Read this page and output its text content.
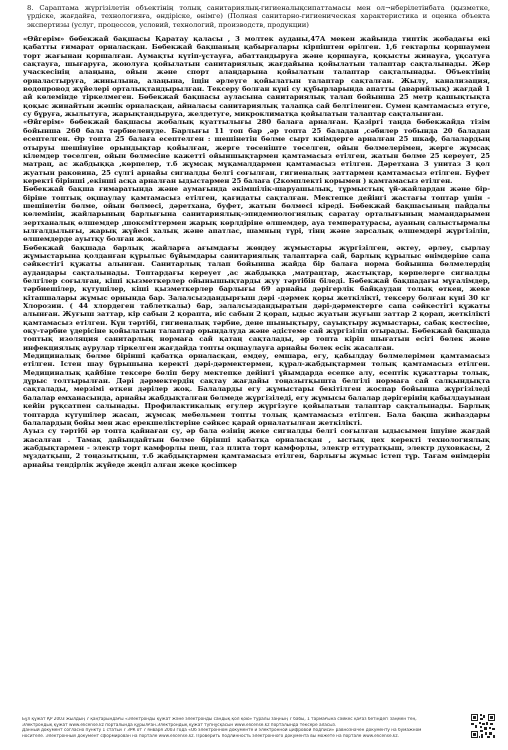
8. Сараптама жүргізілетін объектінің толық санитариялық-гигиеналықсипаттамасы мен ол¬нберілетінбата (қызметке, үрдіске, жағдайға, технологияға, өндіріске, өнімге) (Полная санитарно-гигиеническая характеристика и оценка объекта экспертизы (услуг, процессов, условий, технологий, производств, продукции)

«Өйгерім» бөбекжай бақшасы Қаратау қаласы , 3 молтек ауданы,47А мекен жайында типтік жобадағы екі қабатты ғимарат орналасқан. Бөбекжай бақшаның қабырғалары кірпіштен өрілген. 1,6 гектарлы қоршаумен торт жағынан қоршалған. Аумақты күтіп-ұстауға, абаттандыруға және қоршауға, қоқысты жинауға, ұқсатуға сақтауға, шығаруға, жоюлуға қойылатын санитариялық жағдайына қойылатын талаптар сақталынады. Жер учаскесінің алаңына, ойын және спорт алаңдарына қойылатын талаптар сақталынады. Объектінің орналастыруға, жинылына, алаңына, іщін әрлеуге қойылатын талаптар сақталған. Жылу, канализация, водопровод жүйелері орталықтандырылған. Тексеру болған күні су құбырларында апатты (аварийлық) жағдай 1 ай көлемінде тіркелмеген. Бөбекжай бақшасы ауласына санитариялық талап бойынша 25 метр қашықтықта қоқыс жинайтын жәшік орналасқан, айналасы санитариялық талапқа сай белгіленген. Сумен қамтамасыз етуге, су бұруға, жылытуға, жарықтандыруға, желдетуге, микроклиматқа қойылатын талаптар сақталынған.

«Өйгерім» бөбекжай бақшасы жобалық қуаттылығы 280 балаға арналған. Қазіргі таңда бөбекжайда тізім бойынша 260 бала тәрбиеленуде. Барлығы 11 топ бар ,әр топта 25 баладан ,сәбилер тобында 20 баладан есептелген. Әр топта 25 балаға есептелген : шешінетін бөлме сырт киімдерге арналған 25 шкаф, балалардың отыруы шешінуіне орындықтар қойылған, жерге төсеніште төселген, ойын бөлмелерімен, жерге жұмсақ кілемдер төселген, ойын бөлмесіне кажетті ойыншықтармен қамтамасыз етілген, жатын бөлме 25 кереует, 25 матрац, ас жабдыққа ,көрпелер, т.б жұмсақ мұқамалдармен қамтамасыз етілген. Дәретхана 3 унитаз 3 қол жуатын раковина, 25 сүлгі арнайы сигналды белгі соғылған, гигиеналық заттармен қамтамасыз етілген. Буфет керекті бірінші ,екінші асқа арналған ыдыстармен 25 балаға (2комплекті корымен ) қамтамасыз етілген.

Бөбекжай бақша ғимаратында және аумағында әкімшілік-шаруашылық, тұрмыстық үй-жайлардан және бір-біріне топтық оқшаулау қамтамасыз етілген, қағидаты сақталған. Мектепке дейінгі жастағы топтар үшін - шешінетін бөлме, ойын бөлмесі, дәретхана, буфет, жатын бөлмесі кіреді. Бөбекжай бақшасының пайдалы көлемінің, жайларының барлығына санитариялық-эпидемиологиялық саратау орталығының мамандарымен зертханалық өлшемдер ,шокєміттермен жарық көрлдіріне өлшемдер, ауа температурасы, ауаның салыстырмалы ылғалдылығы, жарық жүйесі халық және апатлас, шамның түрі, тінң және зарсалық өлшемдері жүргізіліп, өлшемдерде ауытқу болған жоқ.

Бөбекжай бақшада барлық жайларға ағымдағы жөндеу жұмыстары жүргізілген, әктеу, әрлеу, сырлау жұмыстарына қолданған құрылыс бұйымдары санитариялық талаптарға сай, барлық құрылыс өнімдеріне сапа сәйкестігі құжаты алынған. Санитарлық талап бойынша жайда бір балаға норма бойынша бөлмелердің аудандары сақталынады. Топтардағы кереует ,ас жабдыққа ,матрацтар, жастықтар, көрпелерге сигналды белгілер соғылған, кіші қызметкерлер ойынышықтарды жуу тәртібін біледі. Бөбекжай бақшадағы мұғалімдер, тәрбиешілер, күтушілер, кіші қызметкерлер барлығы 69 арнайы дәрігерлік байқаудан толық өткен, жеке кітапшалары жұмыс орнында бар. Залалсыздандырғыш дәрі -дәрмек қоры жеткілікті, тексеру болған күні 30 кг Хлорозин. ( 44 хлордеген таблеткалы) бар, залалсыздандыратын дәрі-дәрмектерге сапа сәйкестігі құжаты алынған. Жуғыш заттар, кір сабын 2 қорапта, иіс сабын 2 қорап, ыдыс жуатын жуғыш заттар 2 қорап, жеткілікті қамтамасыз етілген. Күн тәртібі, гигиеналық тәрбие, дене шынықтыру, сауықтыру жұмыстары, сабақ кестесіне, оқу-тәрбие үдерісіне қойылатын талаптар орындалуда және әдістеме сай жүргізіліп отырады. Бөбекжай бақшада топтық изоляция санитарлық нормаға сай қатаң сақталады, әр топта кіріп шығатын есігі бөлек және инфекциялық аурулар тіркелген жағдайда топты оқшаулауға арнайы бөлек есік жасалған.

Медициналық бөлме бірінші қабатқа орналасқан, емдеу, емшара, егу, қабылдау бөлмелерімен қамтамасыз етілген. Істен шау бұрышына керекті дәрі-дәрмектермен, құрал-жабдықтармен толық қамтамасыз етілген. Медициналық қайбіне тексере бөліп беру мектепке дейінгі ұйымдарда есепке алу, есептік құжаттары толық, дұрыс толтырылған. Дәрі дәрмектердің сақтау жағдайы тоңазытқышта белгілі нормаға сай салқындықта сақталады, мерзімі өткен дәрілер жоқ. Балаларды егу жұмыстары бекітілген жоспар бойынша жүргізіледі балалар емханасында, арнайы жабдықталған бөлмеде жүргізіледі, егу жұмысы балалар дәрігерінің қабылдауынан кейін рұқсатпен салынады. Профилактикалық егулер жүргізуге қойылатын талаптар сақталынады. Барлық топтарда күтушілер жасап, жұмсақ мебельмен топты толық қамтамасыз етілген. Бала бақша жиһаздары балалардың бойы мен жас ерекшеліктеріне сәйкес қарай орналатылған жеткілікті.

Ауыз су тәртібі әр топта қайнаған су, әр бала өзінің жеке сигналды белгі соғылған ыдысымен ішуіне жағдай жасалған . Тамақ дайындайтын бөлме бірінші қабатқа орналасқан , ыстық цех керекті технологиялық жабдықтармен - электр торт камфорлы пеш, газ плита торт камфорлы, электр еттуратқыш, электр духовкасы, 2 мұздатқыш, 2 тоңазытқыш, т.б жабдықтармен қамтамасыз етілген, барлығы жұмыс істеп тұр. Тағам өнімдерін арнайы тендірлік жүйеде жеңіл алған жеке қосіпкер

Бұл құжат ҚР 2003 жылдың 7 қаңтарындағы «Электронды құжат және электронды сандық қол қою» туралы заңның 7 бабы, 1 тармағына сәйкес қағаз бетіндегі заңмен тең.

Электрондық құжат www.elicense.kz порталында құрылған.Электрондық құжат түпнұсқасын www.elicense.kz порталында тексере аласыз.

Данный документ согласно пункту 1 статьи 7 ЗРК от 7 января 2003 года «Об электронном документе и электронной цифровой подписи» равнозначен документу на бумажном

носителе. Электронный документ сформирован на портале www.elicense.kz. Проверить подлинность электронного документа вы можете на портале www.elicense.kz.
